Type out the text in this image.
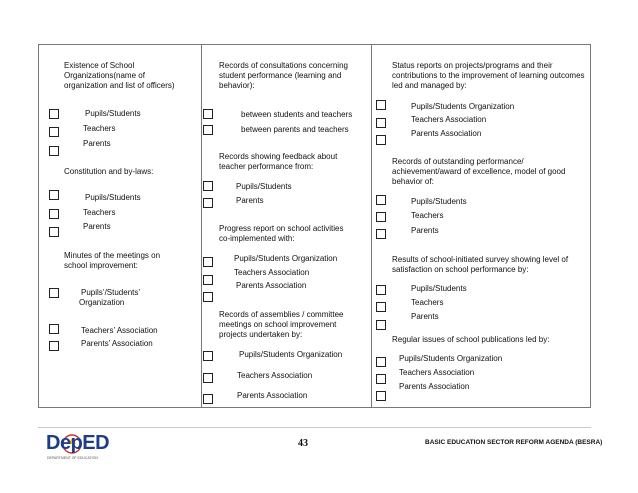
Existence of School
Organizations(name of
organization and list of officers)
Pupils/Students
Teachers
Parents
Constitution and by-laws:
Pupils/Students
Teachers
Parents
Minutes of the meetings on
school improvement:
Pupils’/Students’
Organization
Teachers’ Association
Parents’ Association
Records of consultations concerning
student performance (learning and
behavior):
between students and teachers
between parents and teachers
Records showing feedback about
teacher performance from:
Pupils/Students
Parents
Progress report on school activities
co-implemented with:
Pupils/Students Organization
Teachers Association
Parents Association
Records of assemblies / committee
meetings on school improvement
projects undertaken by:
Pupils/Students Organization
Teachers Association
Parents Association
Status reports on projects/programs and their
contributions to the improvement of learning outcomes
led and managed by:
Pupils/Students Organization
Teachers Association
Parents Association
Records of outstanding performance/
achievement/award of excellence, model of good
behavior of:
Pupils/Students
Teachers
Parents
Results of school-initiated survey showing level of
satisfaction on school performance by:
Pupils/Students
Teachers
Parents
Regular issues of school publications led by:
Pupils/Students Organization
Teachers Association
Parents Association
DepED
DEPARTMENT OF EDUCATION
43	BASIC EDUCATION SECTOR REFORM AGENDA (BESRA)
